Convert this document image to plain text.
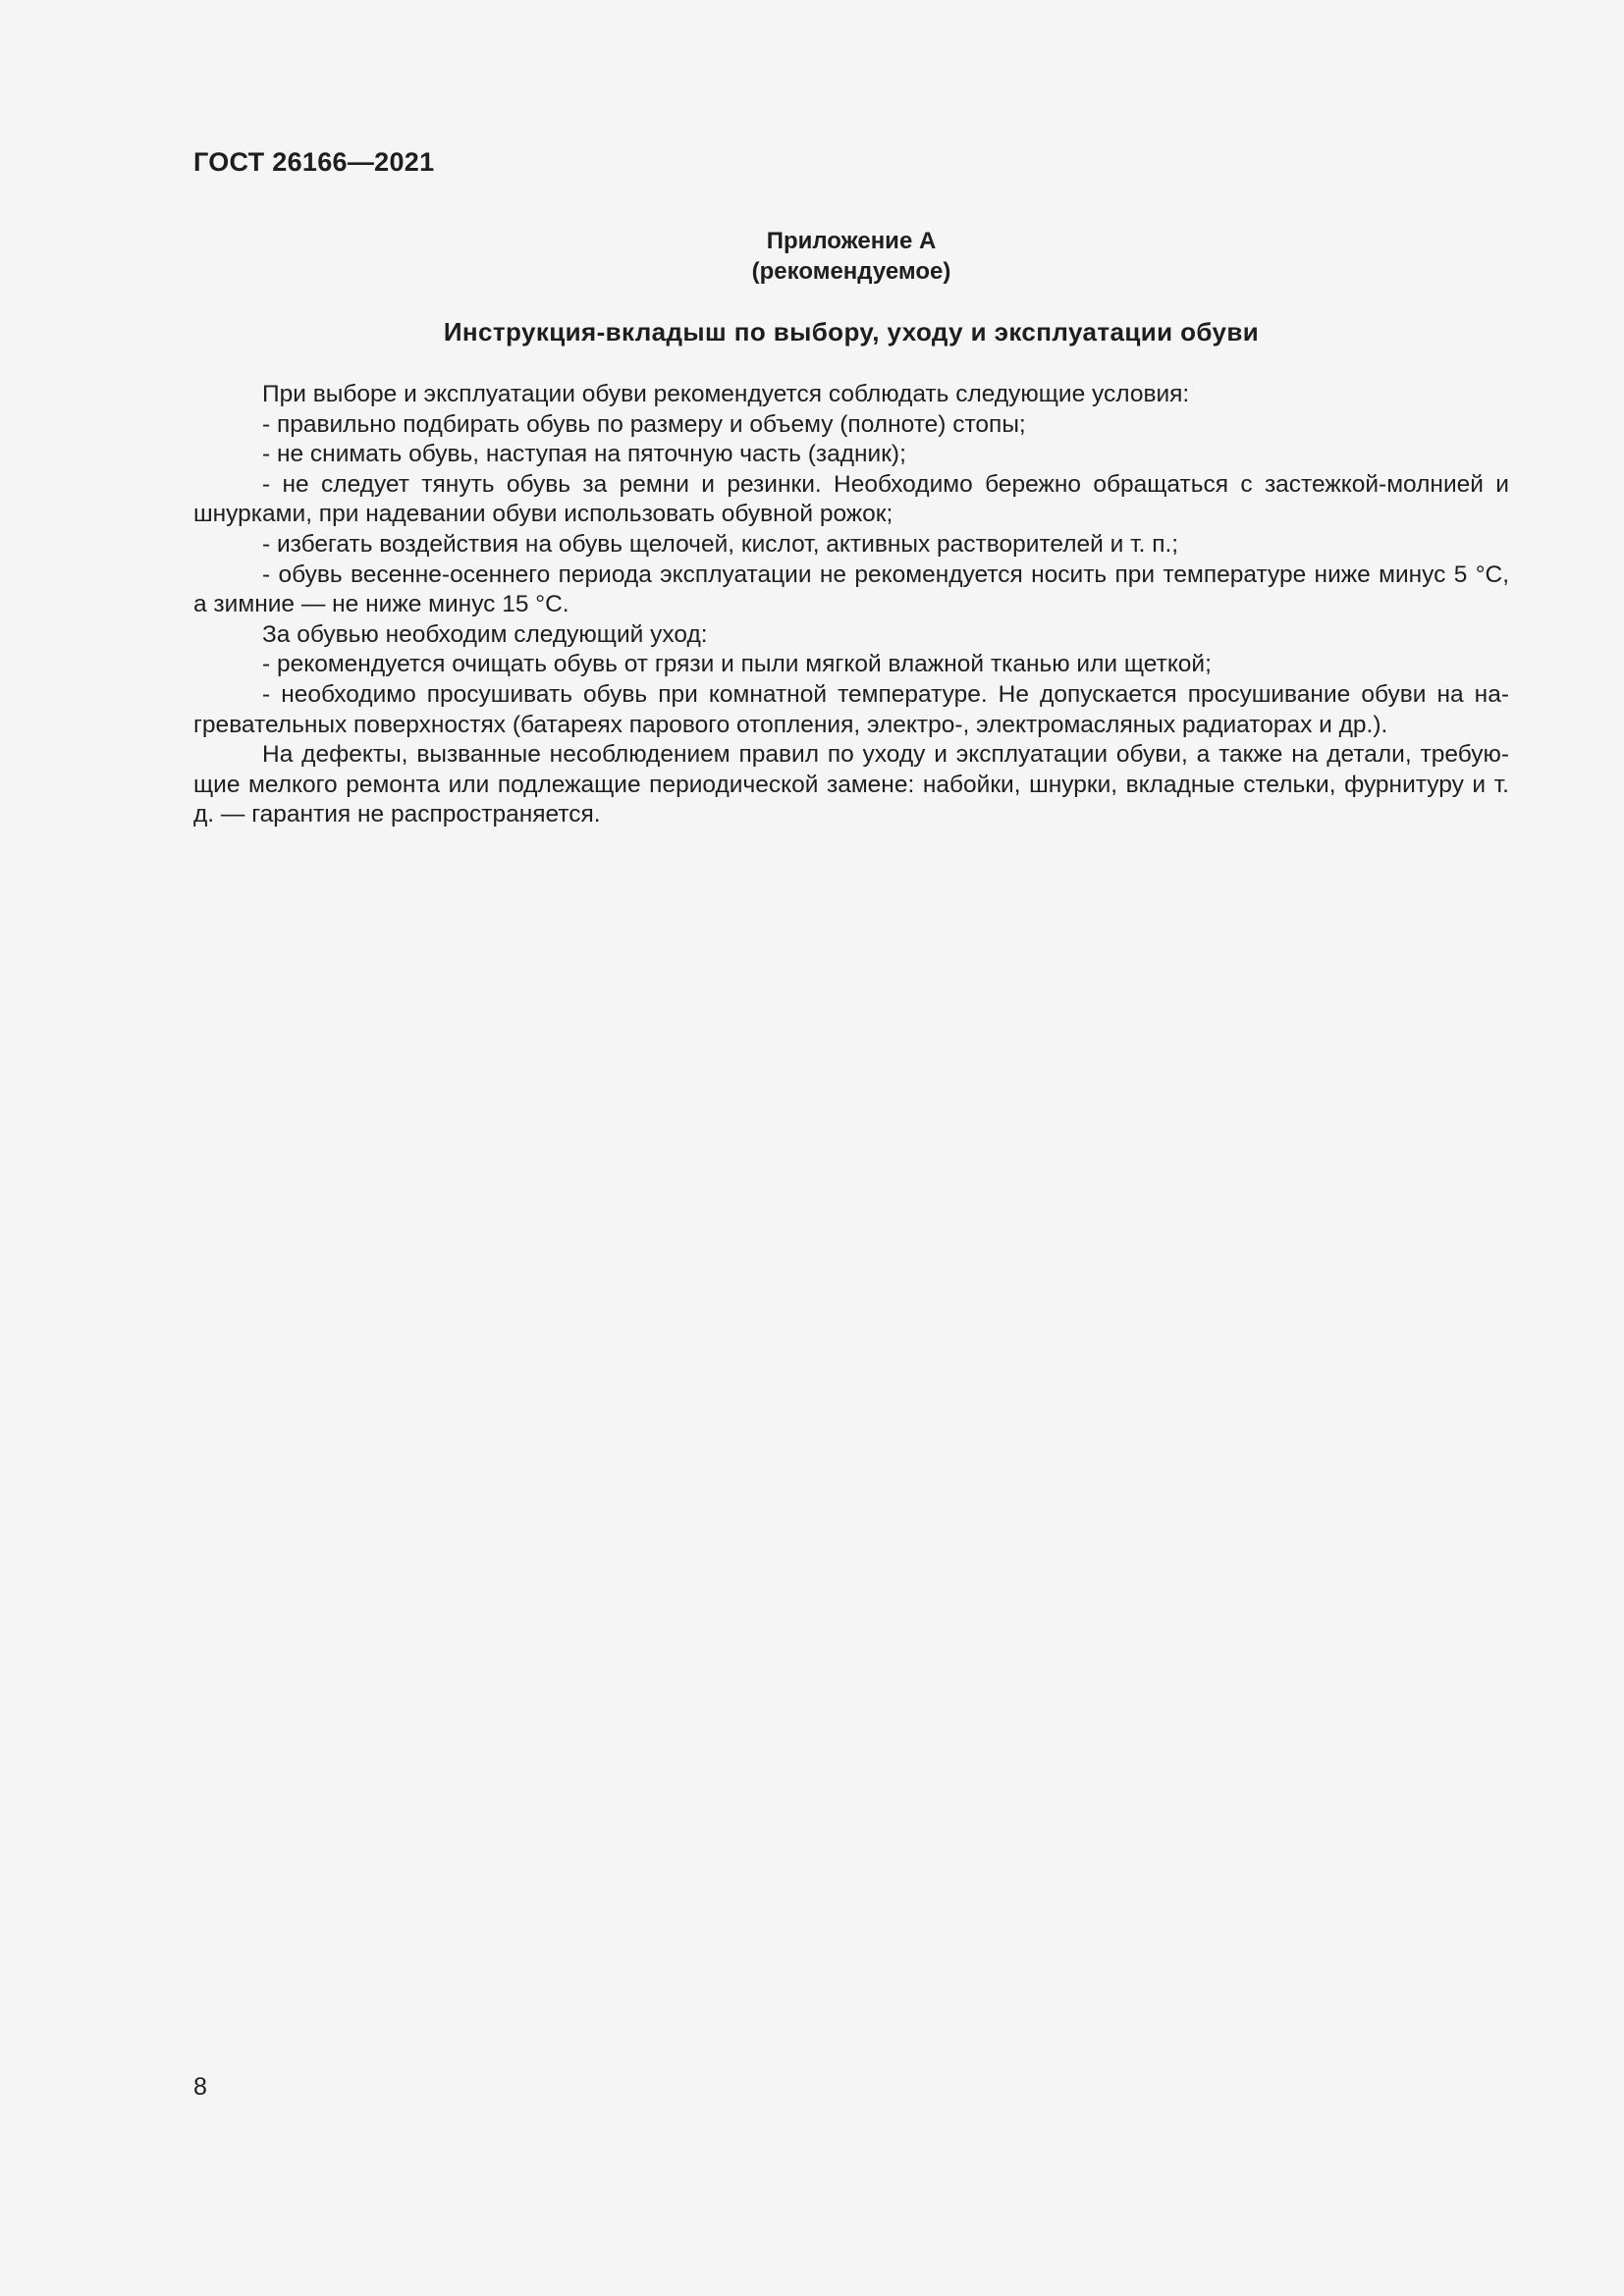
ГОСТ 26166—2021
Приложение А
(рекомендуемое)
Инструкция-вкладыш по выбору, уходу и эксплуатации обуви

При выборе и эксплуатации обуви рекомендуется соблюдать следующие условия:

- правильно подбирать обувь по размеру и объему (полноте) стопы;

- не снимать обувь, наступая на пяточную часть (задник);

- не следует тянуть обувь за ремни и резинки. Необходимо бережно обращаться с застежкой-молнией и шнурками, при надевании обуви использовать обувной рожок;

- избегать воздействия на обувь щелочей, кислот, активных растворителей и т. п.;

- обувь весенне-осеннего периода эксплуатации не рекомендуется носить при температуре ниже минус 5 °С, а зимние — не ниже минус 15 °С.

За обувью необходим следующий уход:

- рекомендуется очищать обувь от грязи и пыли мягкой влажной тканью или щеткой;

- необходимо просушивать обувь при комнатной температуре. Не допускается просушивание обуви на нагревательных поверхностях (батареях парового отопления, электро-, электромасляных радиаторах и др.).

На дефекты, вызванные несоблюдением правил по уходу и эксплуатации обуви, а также на детали, требующие мелкого ремонта или подлежащие периодической замене: набойки, шнурки, вкладные стельки, фурнитуру и т. д. — гарантия не распространяется.

8
